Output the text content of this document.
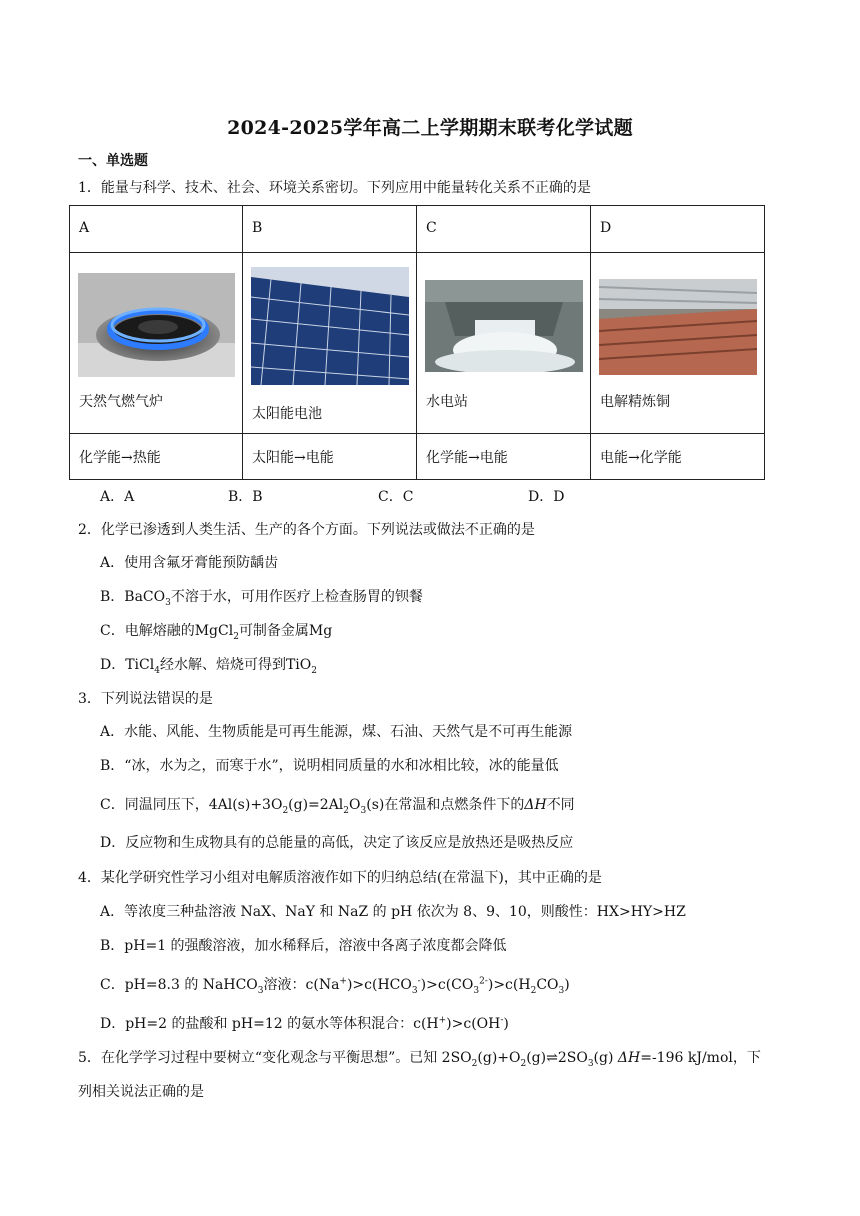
2024-2025学年高二上学期期末联考化学试题
一、单选题
1．能量与科学、技术、社会、环境关系密切。下列应用中能量转化关系不正确的是
A	B	C	D

天然气燃气炉	太阳能电池	水电站	电解精炼铜

化学能→热能	太阳能→电能	化学能→电能	电能→化学能
A．A	B．B	C．C	D．D
2．化学已渗透到人类生活、生产的各个方面。下列说法或做法不正确的是
A．使用含氟牙膏能预防龋齿
B．BaCO$_3$不溶于水，可用作医疗上检查肠胃的钡餐
C．电解熔融的MgCl$_2$可制备金属Mg
D．TiCl$_4$经水解、焙烧可得到TiO$_2$
3．下列说法错误的是
A．水能、风能、生物质能是可再生能源，煤、石油、天然气是不可再生能源
B．“冰，水为之，而寒于水”，说明相同质量的水和冰相比较，冰的能量低
C．同温同压下，$4Al(s)+3O_2(g)=2Al_2O_3(s)$在常温和点燃条件下的ΔH不同
D．反应物和生成物具有的总能量的高低，决定了该反应是放热还是吸热反应
4．某化学研究性学习小组对电解质溶液作如下的归纳总结(在常温下)，其中正确的是
A．等浓度三种盐溶液 NaX、NaY 和 NaZ 的 pH 依次为 8、9、10，则酸性：HX>HY>HZ
B．pH=1 的强酸溶液，加水稀释后，溶液中各离子浓度都会降低
C．pH=8.3 的 NaHCO$_3$溶液：$c(Na^+)>c(HCO_3^-)>c(CO_3^{2-})>c(H_2CO_3)$
D．pH=2 的盐酸和 pH=12 的氨水等体积混合：c(H+)>c(OH-)
5．在化学学习过程中要树立“变化观念与平衡思想”。已知 $2SO_2(g)+O_2(g)\rightleftharpoons 2SO_3(g)$ ΔH=-196 kJ/mol，下
列相关说法正确的是
